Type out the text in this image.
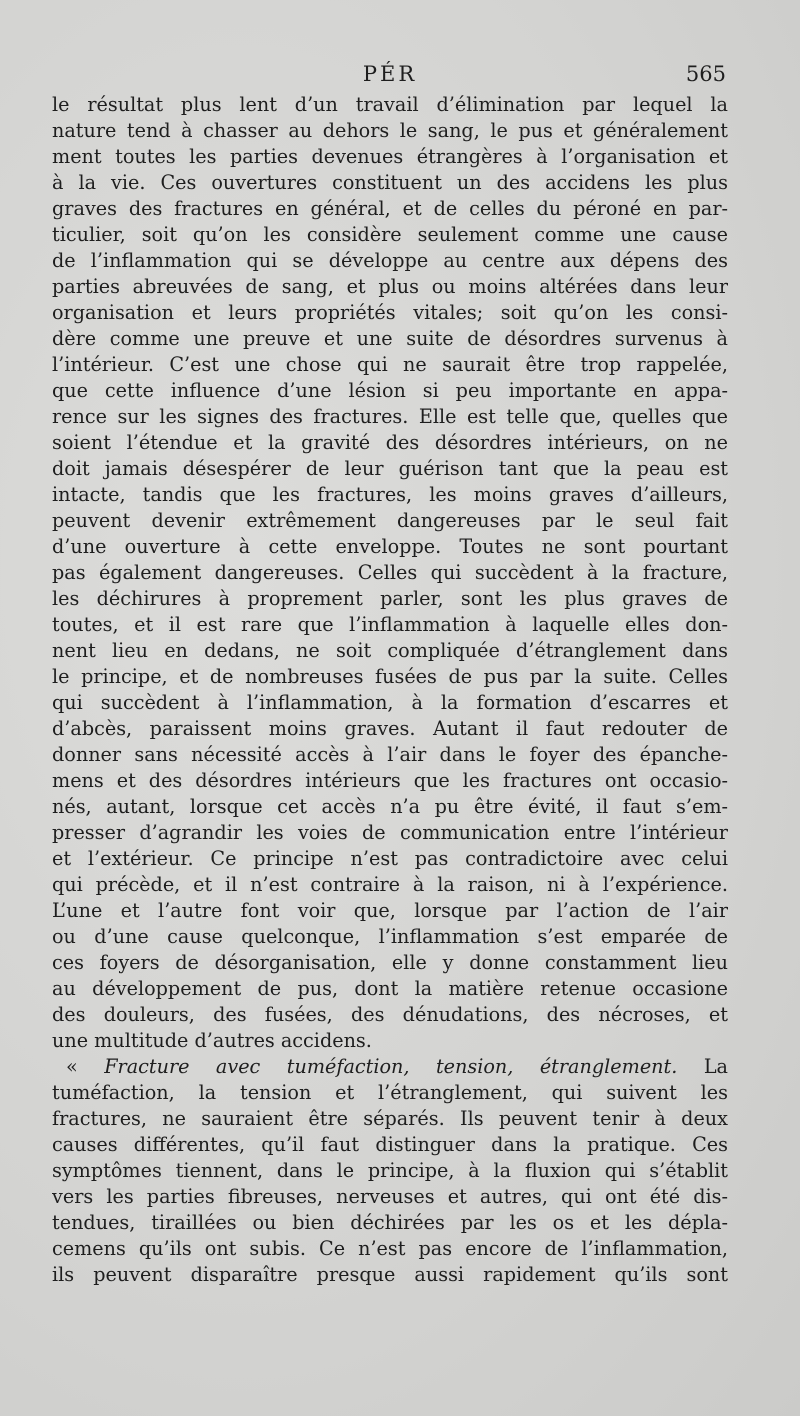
PÉR	565
le résultat plus lent d’un travail d’élimination par lequel la
nature tend à chasser au dehors le sang, le pus et généralement
ment toutes les parties devenues étrangères à l’organisation et
à la vie. Ces ouvertures constituent un des accidens les plus
graves des fractures en général, et de celles du péroné en par-
ticulier, soit qu’on les considère seulement comme une cause
de l’inflammation qui se développe au centre aux dépens des
parties abreuvées de sang, et plus ou moins altérées dans leur
organisation et leurs propriétés vitales; soit qu’on les consi-
dère comme une preuve et une suite de désordres survenus à
l’intérieur. C’est une chose qui ne saurait être trop rappelée,
que cette influence d’une lésion si peu importante en appa-
rence sur les signes des fractures. Elle est telle que, quelles que
soient l’étendue et la gravité des désordres intérieurs, on ne
doit jamais désespérer de leur guérison tant que la peau est
intacte, tandis que les fractures, les moins graves d’ailleurs,
peuvent devenir extrêmement dangereuses par le seul fait
d’une ouverture à cette enveloppe. Toutes ne sont pourtant
pas également dangereuses. Celles qui succèdent à la fracture,
les déchirures à proprement parler, sont les plus graves de
toutes, et il est rare que l’inflammation à laquelle elles don-
nent lieu en dedans, ne soit compliquée d’étranglement dans
le principe, et de nombreuses fusées de pus par la suite. Celles
qui succèdent à l’inflammation, à la formation d’escarres et
d’abcès, paraissent moins graves. Autant il faut redouter de
donner sans nécessité accès à l’air dans le foyer des épanche-
mens et des désordres intérieurs que les fractures ont occasio-
nés, autant, lorsque cet accès n’a pu être évité, il faut s’em-
presser d’agrandir les voies de communication entre l’intérieur
et l’extérieur. Ce principe n’est pas contradictoire avec celui
qui précède, et il n’est contraire à la raison, ni à l’expérience.
L’une et l’autre font voir que, lorsque par l’action de l’air
ou d’une cause quelconque, l’inflammation s’est emparée de
ces foyers de désorganisation, elle y donne constamment lieu
au développement de pus, dont la matière retenue occasione
des douleurs, des fusées, des dénudations, des nécroses, et
une multitude d’autres accidens.
« Fracture avec tuméfaction, tension, étranglement. La
tuméfaction, la tension et l’étranglement, qui suivent les
fractures, ne sauraient être séparés. Ils peuvent tenir à deux
causes différentes, qu’il faut distinguer dans la pratique. Ces
symptômes tiennent, dans le principe, à la fluxion qui s’établit
vers les parties fibreuses, nerveuses et autres, qui ont été dis-
tendues, tiraillées ou bien déchirées par les os et les dépla-
cemens qu’ils ont subis. Ce n’est pas encore de l’inflammation,
ils peuvent disparaître presque aussi rapidement qu’ils sont
